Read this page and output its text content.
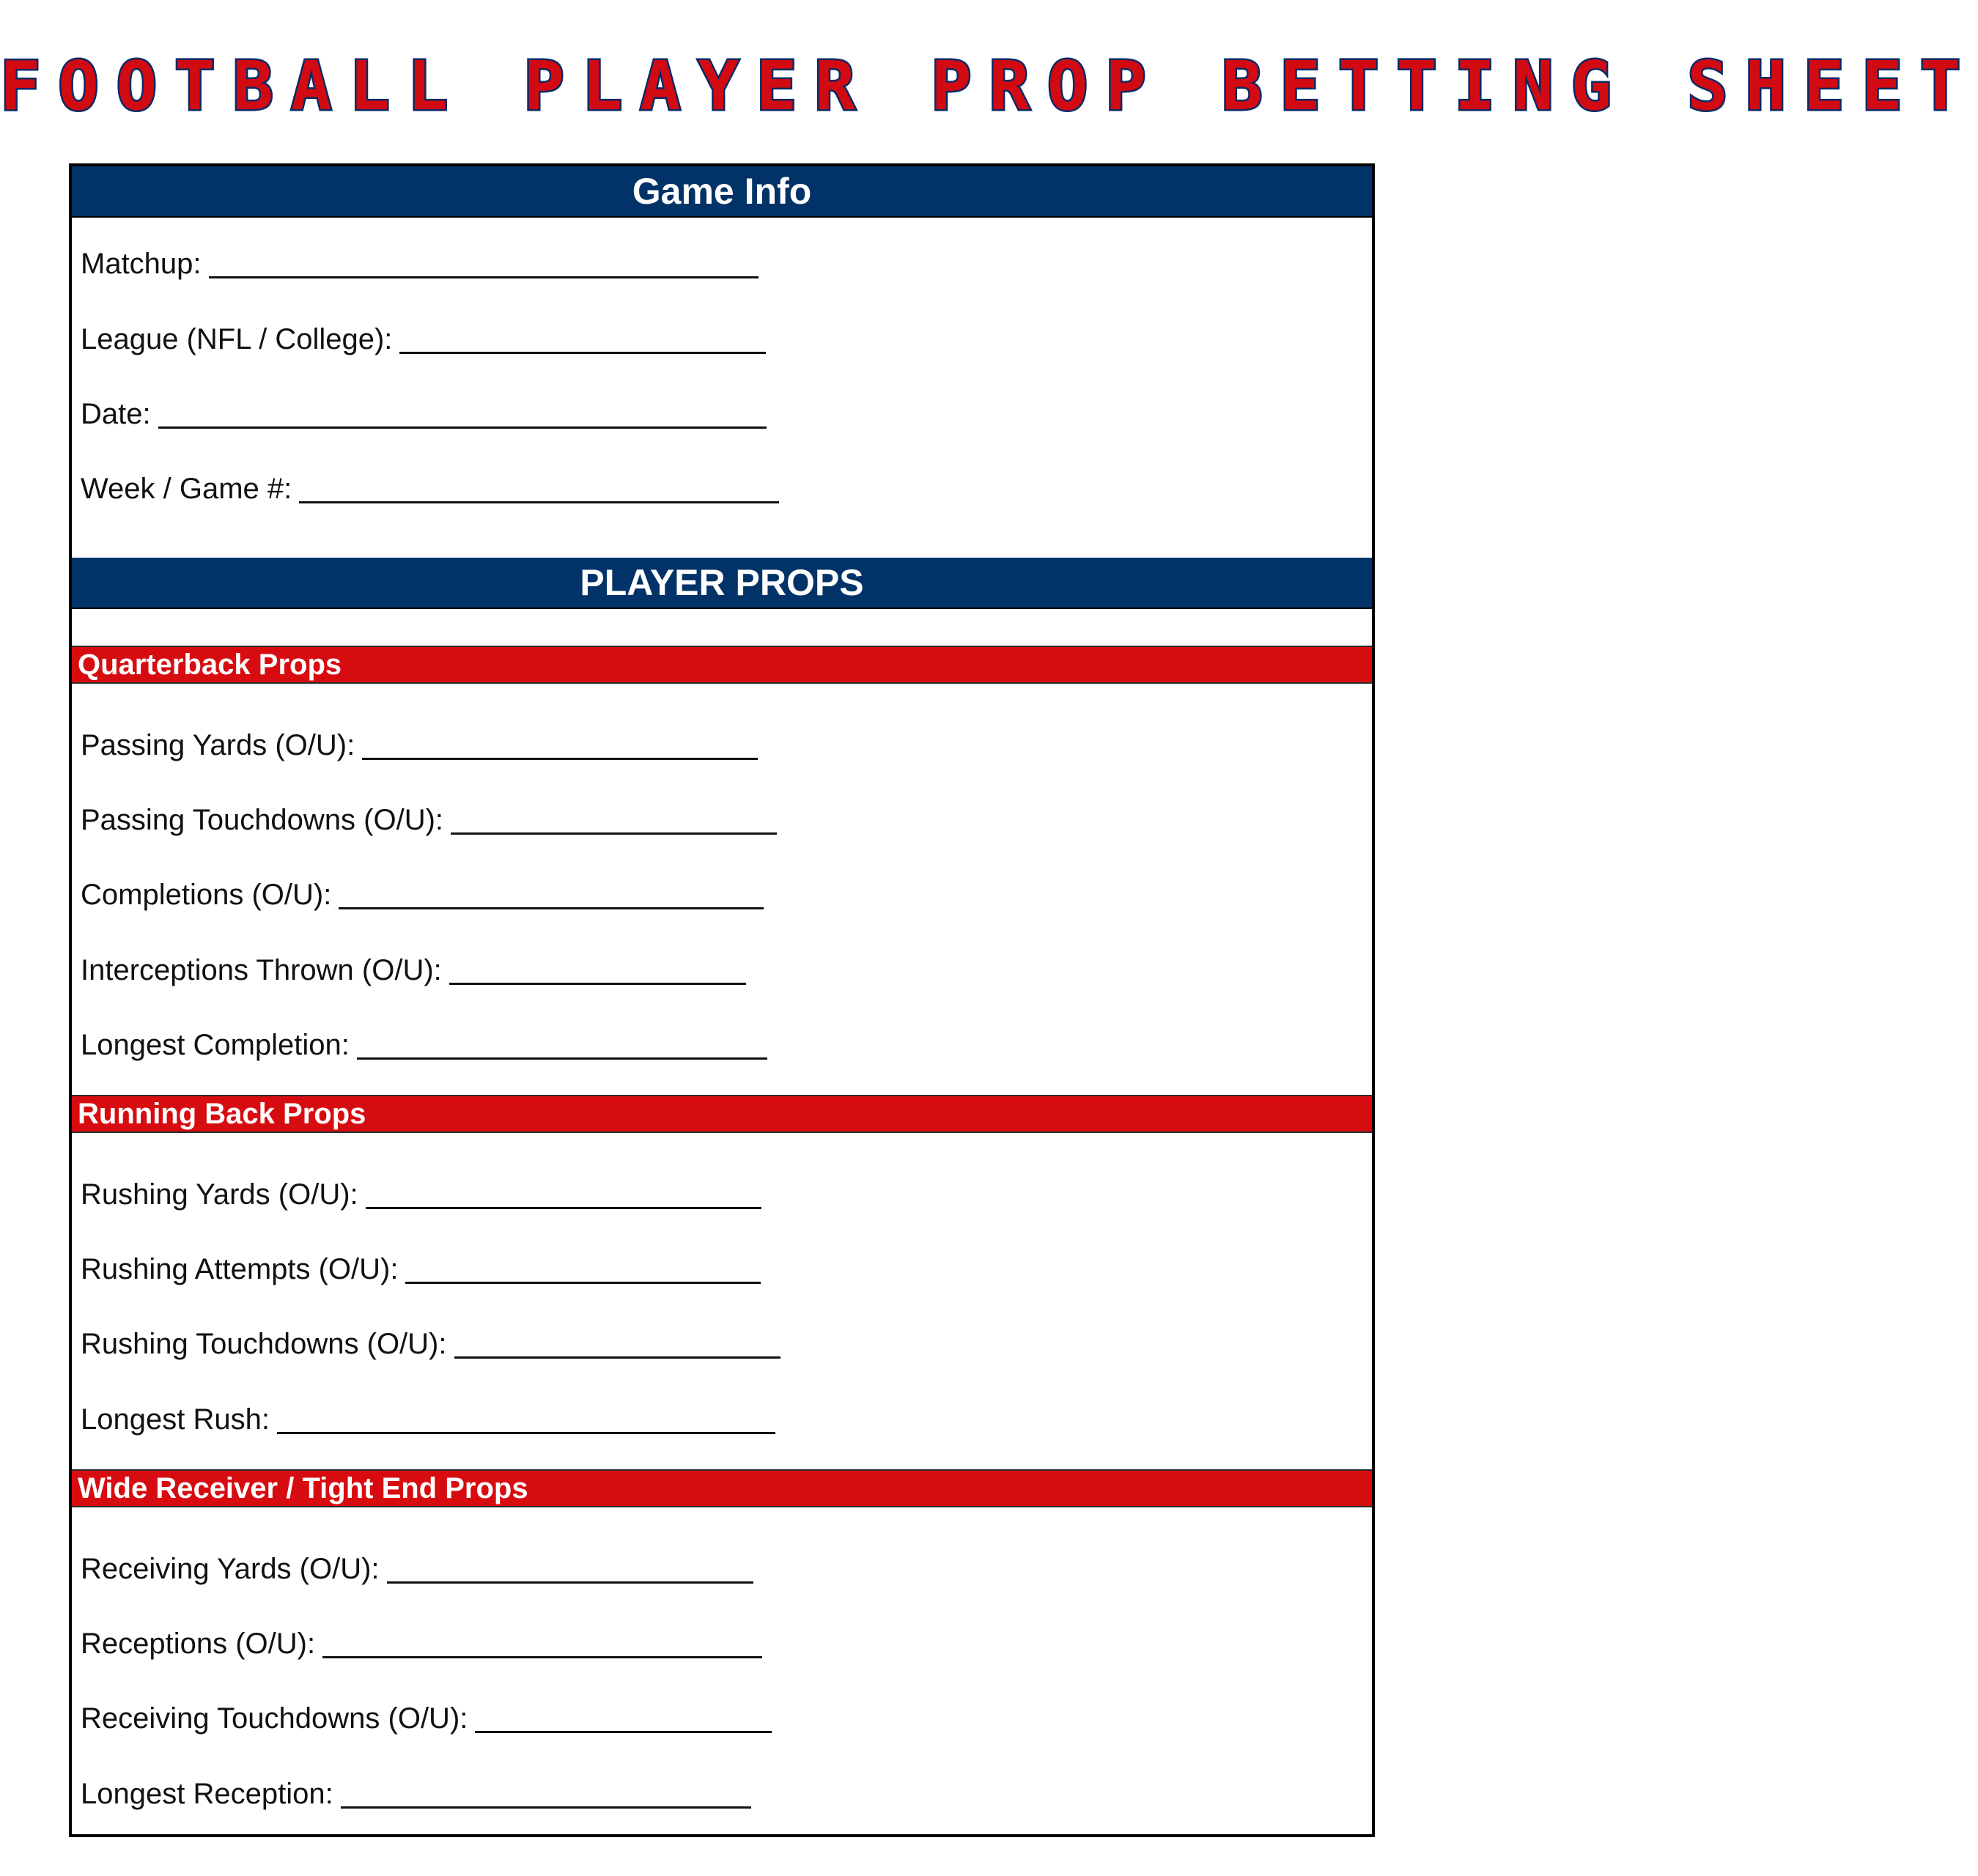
FOOTBALL PLAYER PROP BETTING SHEET
Game Info
Matchup:
League (NFL / College):
Date:
Week / Game #:
PLAYER PROPS
Quarterback Props
Passing Yards (O/U):
Passing Touchdowns (O/U):
Completions (O/U):
Interceptions Thrown (O/U):
Longest Completion:
Running Back Props
Rushing Yards (O/U):
Rushing Attempts (O/U):
Rushing Touchdowns (O/U):
Longest Rush:
Wide Receiver / Tight End Props
Receiving Yards (O/U):
Receptions (O/U):
Receiving Touchdowns (O/U):
Longest Reception:
